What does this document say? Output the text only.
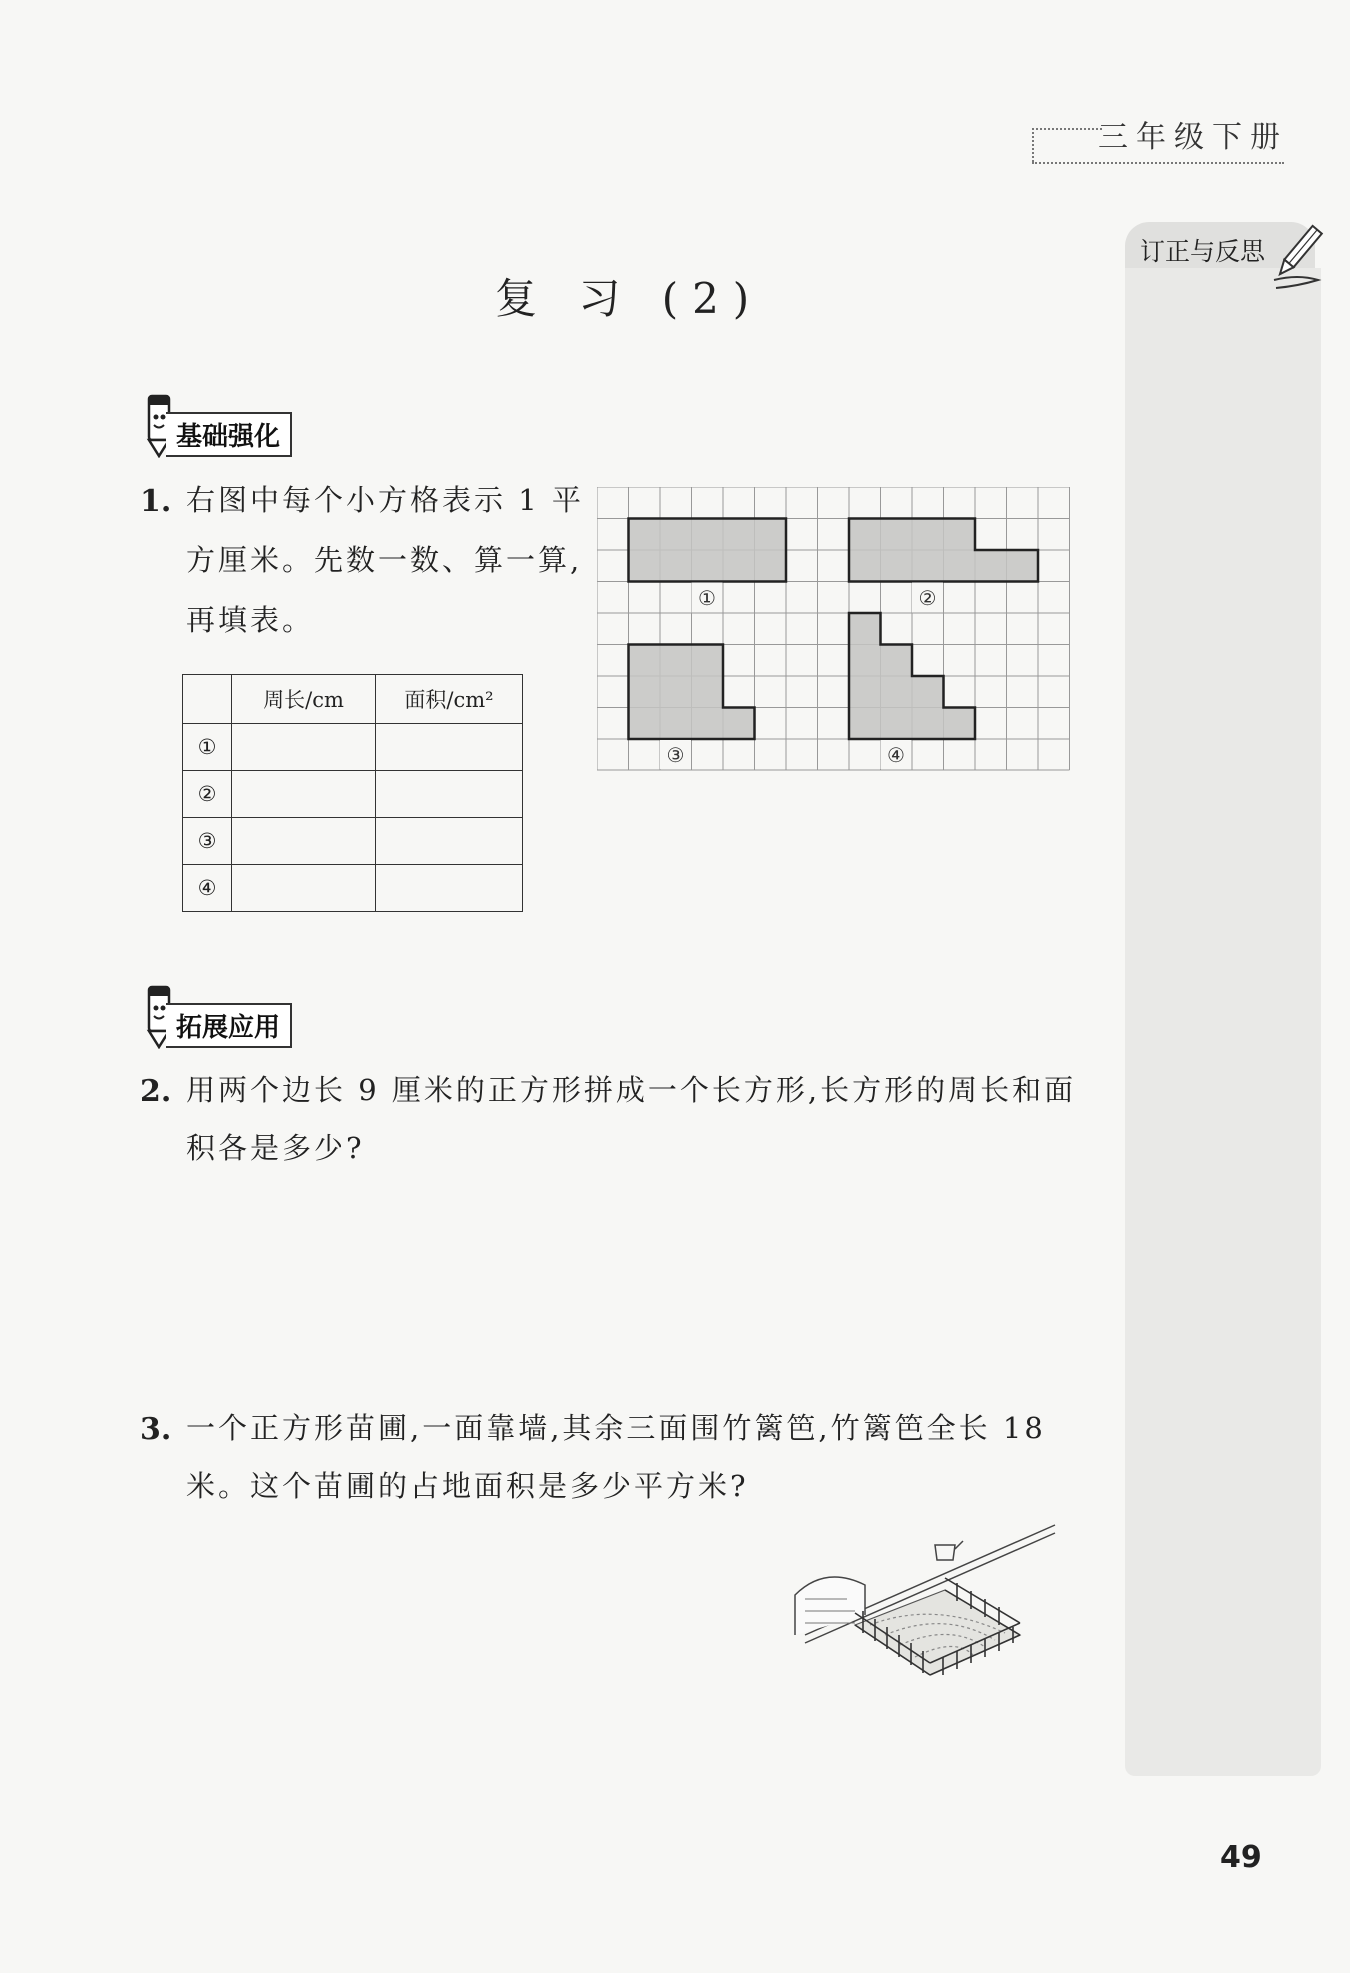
三年级下册
订正与反思
复 习 (2)
基础强化
1. 右图中每个小方格表示 1 平
方厘米。先数一数、算一算,
再填表。
	周长/cm	面积/cm²
①		
②		
③		
④		
①	②
③	④
拓展应用
2. 用两个边长 9 厘米的正方形拼成一个长方形,长方形的周长和面
积各是多少?
3. 一个正方形苗圃,一面靠墙,其余三面围竹篱笆,竹篱笆全长 18
米。这个苗圃的占地面积是多少平方米?
49
